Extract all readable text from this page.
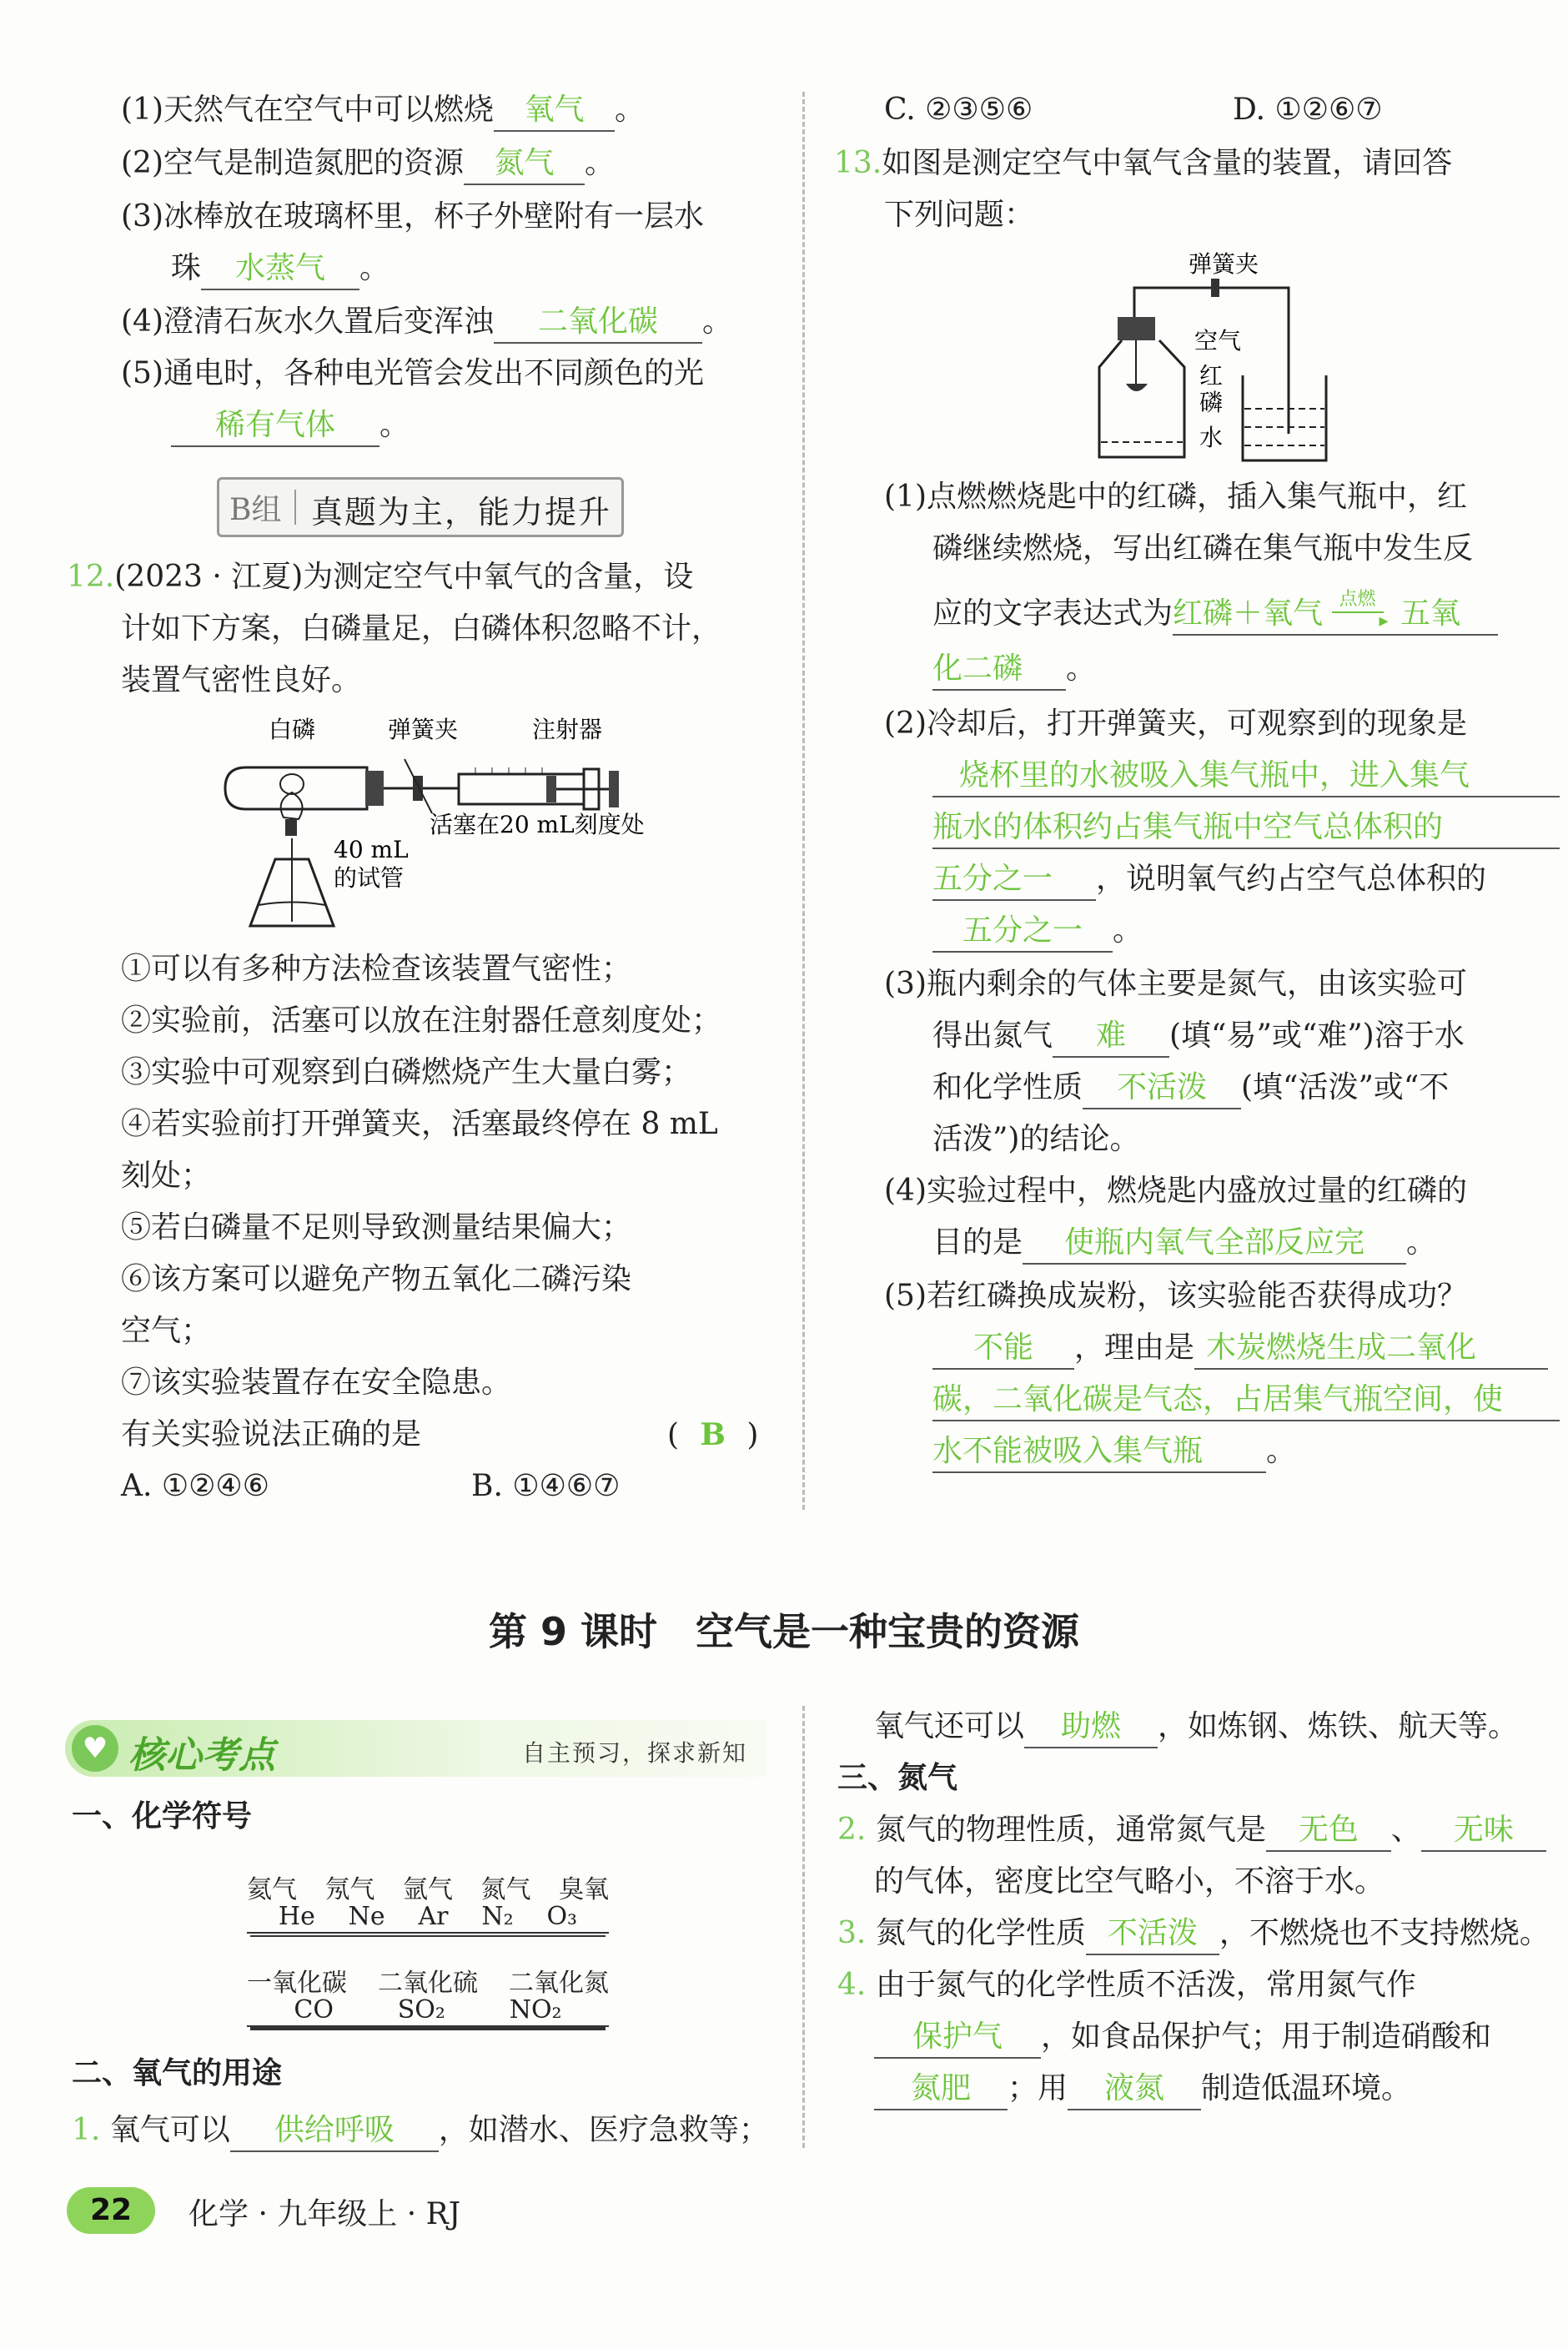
(1)天然气在空气中可以燃烧 氧气 。
(2)空气是制造氮肥的资源 氮气 。
(3)冰棒放在玻璃杯里，杯子外壁附有一层水
珠 水蒸气 。
(4)澄清石灰水久置后变浑浊 二氧化碳 。
(5)通电时，各种电光管会发出不同颜色的光
稀有气体 。
B组 真题为主，能力提升
12.(2023 · 江夏)为测定空气中氧气的含量，设
计如下方案，白磷量足，白磷体积忽略不计，
装置气密性良好。
白磷	弹簧夹	注射器
活塞在20 mL刻度处
40 mL
的试管
①可以有多种方法检查该装置气密性；
②实验前，活塞可以放在注射器任意刻度处；
③实验中可观察到白磷燃烧产生大量白雾；
④若实验前打开弹簧夹，活塞最终停在 8 mL
刻处；
⑤若白磷量不足则导致测量结果偏大；
⑥该方案可以避免产物五氧化二磷污染
空气；
⑦该实验装置存在安全隐患。
有关实验说法正确的是	( B )
A. ①②④⑥	B. ①④⑥⑦
C. ②③⑤⑥	D. ①②⑥⑦
13.如图是测定空气中氧气含量的装置，请回答
下列问题：
弹簧夹
空气
红
磷
水
(1)点燃燃烧匙中的红磷，插入集气瓶中，红
磷继续燃烧，写出红磷在集气瓶中发生反
应的文字表达式为红磷＋氧气 点燃
▸ 五氧
化二磷 。
(2)冷却后，打开弹簧夹，可观察到的现象是
烧杯里的水被吸入集气瓶中，进入集气
瓶水的体积约占集气瓶中空气总体积的
五分之一 ，说明氧气约占空气总体积的
五分之一 。
(3)瓶内剩余的气体主要是氮气，由该实验可
得出氮气 难 (填“易”或“难”)溶于水
和化学性质 不活泼 (填“活泼”或“不
活泼”)的结论。
(4)实验过程中，燃烧匙内盛放过量的红磷的
目的是 使瓶内氧气全部反应完 。
(5)若红磷换成炭粉，该实验能否获得成功？
不能 ，理由是 木炭燃烧生成二氧化
碳，二氧化碳是气态，占居集气瓶空间，使
水不能被吸入集气瓶 。
第 9 课时　空气是一种宝贵的资源
♥ 核心考点	自主预习，探求新知
一、化学符号
氦气 氖气 氩气 氮气 臭氧
He Ne Ar N₂ O₃
一氧化碳 二氧化硫 二氧化氮
CO	SO₂	NO₂
二、氧气的用途
1. 氧气可以 供给呼吸 ，如潜水、医疗急救等；
氧气还可以 助燃 ，如炼钢、炼铁、航天等。
三、氮气
2. 氮气的物理性质，通常氮气是 无色 、 无味
的气体，密度比空气略小，不溶于水。
3. 氮气的化学性质 不活泼 ，不燃烧也不支持燃烧。
4. 由于氮气的化学性质不活泼，常用氮气作
保护气 ，如食品保护气；用于制造硝酸和
氮肥 ；用 液氮 制造低温环境。
22	化学 · 九年级上 · RJ
